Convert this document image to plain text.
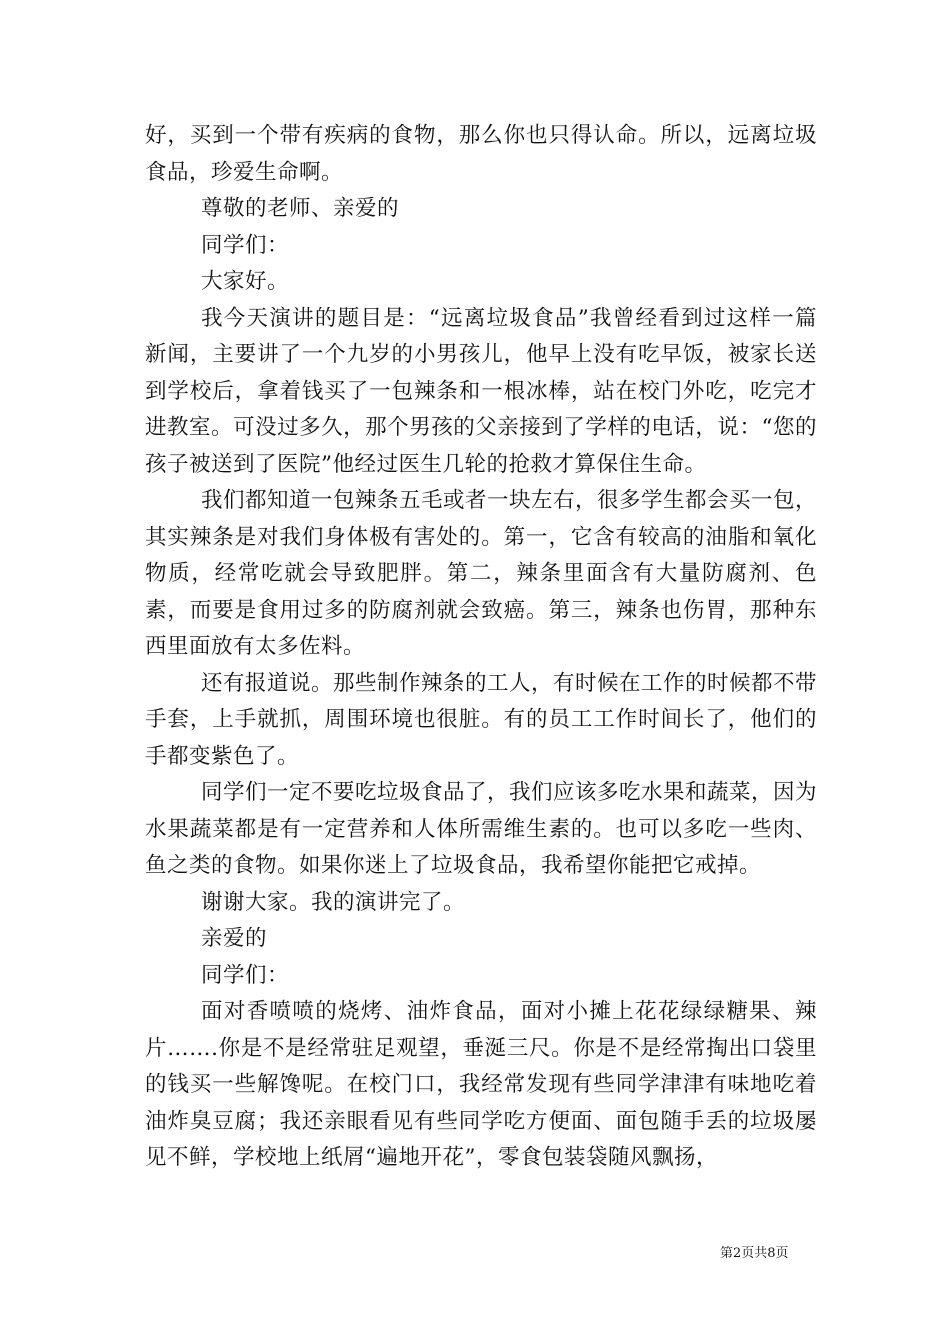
好，买到一个带有疾病的食物，那么你也只得认命。所以，远离垃圾食品，珍爱生命啊。

尊敬的老师、亲爱的

同学们：

大家好。

我今天演讲的题目是：“远离垃圾食品”我曾经看到过这样一篇新闻，主要讲了一个九岁的小男孩儿，他早上没有吃早饭，被家长送到学校后，拿着钱买了一包辣条和一根冰棒，站在校门外吃，吃完才进教室。可没过多久，那个男孩的父亲接到了学样的电话，说：“您的孩子被送到了医院”他经过医生几轮的抢救才算保住生命。

我们都知道一包辣条五毛或者一块左右，很多学生都会买一包，其实辣条是对我们身体极有害处的。第一，它含有较高的油脂和氧化物质，经常吃就会导致肥胖。第二，辣条里面含有大量防腐剂、色素，而要是食用过多的防腐剂就会致癌。第三，辣条也伤胃，那种东西里面放有太多佐料。

还有报道说。那些制作辣条的工人，有时候在工作的时候都不带手套，上手就抓，周围环境也很脏。有的员工工作时间长了，他们的手都变紫色了。

同学们一定不要吃垃圾食品了，我们应该多吃水果和蔬菜，因为水果蔬菜都是有一定营养和人体所需维生素的。也可以多吃一些肉、鱼之类的食物。如果你迷上了垃圾食品，我希望你能把它戒掉。

谢谢大家。我的演讲完了。

亲爱的

同学们：

面对香喷喷的烧烤、油炸食品，面对小摊上花花绿绿糖果、辣片…….你是不是经常驻足观望，垂涎三尺。你是不是经常掏出口袋里的钱买一些解馋呢。在校门口，我经常发现有些同学津津有味地吃着油炸臭豆腐；我还亲眼看见有些同学吃方便面、面包随手丢的垃圾屡见不鲜，学校地上纸屑“遍地开花”，零食包装袋随风飘扬，

第2页共8页
